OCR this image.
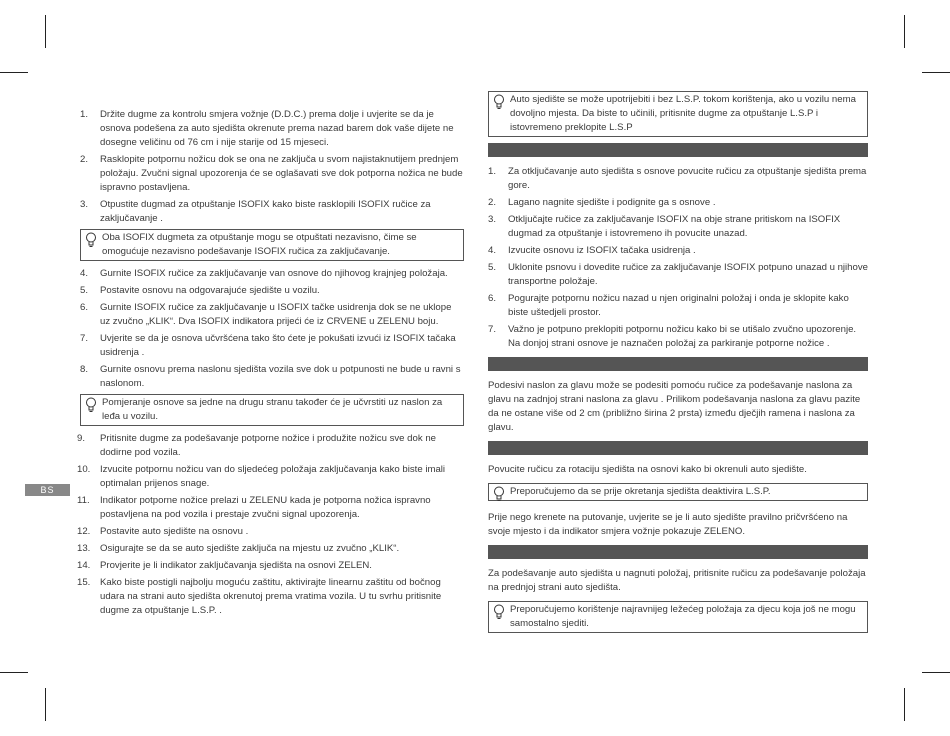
BS
1. Držite dugme za kontrolu smjera vožnje (D.D.C.) prema dolje i uvjerite se da je osnova podešena za auto sjedišta okrenute prema nazad barem dok vaše dijete ne dosegne veličinu od 76 cm i nije starije od 15 mjeseci.
2. Rasklopite potpornu nožicu dok se ona ne zaključa u svom najistaknutijem prednjem položaju. Zvučni signal upozorenja će se oglašavati sve dok potporna nožica ne bude ispravno postavljena.
3. Otpustite dugmad za otpuštanje ISOFIX kako biste rasklopili ISOFIX ručice za zaključavanje .
Oba ISOFIX dugmeta za otpuštanje mogu se otpuštati nezavisno, čime se omogućuje nezavisno podešavanje ISOFIX ručica za zaključavanje.
4. Gurnite ISOFIX ručice za zaključavanje van osnove do njihovog krajnjeg položaja.
5. Postavite osnovu na odgovarajuće sjedište u vozilu.
6. Gurnite ISOFIX ručice za zaključavanje u ISOFIX tačke usidrenja dok se ne uklope uz zvučno „KLIK“. Dva ISOFIX indikatora prijeći će iz CRVENE u ZELENU boju.
7. Uvjerite se da je osnova učvršćena tako što ćete je pokušati izvući iz ISOFIX tačaka usidrenja .
8. Gurnite osnovu prema naslonu sjedišta vozila sve dok u potpunosti ne bude u ravni s naslonom.
Pomjeranje osnove sa jedne na drugu stranu također će je učvrstiti uz naslon za leđa u vozilu.
9. Pritisnite dugme za podešavanje potporne nožice i produžite nožicu sve dok ne dodirne pod vozila.
10. Izvucite potpornu nožicu van do sljedećeg položaja zaključavanja kako biste imali optimalan prijenos snage.
11. Indikator potporne nožice prelazi u ZELENU kada je potporna nožica ispravno postavljena na pod vozila i prestaje zvučni signal upozorenja.
12. Postavite auto sjedište na osnovu .
13. Osigurajte se da se auto sjedište zaključa na mjestu uz zvučno „KLIK“.
14. Provjerite je li indikator zaključavanja sjedišta na osnovi ZELEN.
15. Kako biste postigli najbolju moguću zaštitu, aktivirajte linearnu zaštitu od bočnog udara na strani auto sjedišta okrenutoj prema vratima vozila. U tu svrhu pritisnite dugme za otpuštanje L.S.P. .
Auto sjedište se može upotrijebiti i bez L.S.P. tokom korištenja, ako u vozilu nema dovoljno mjesta. Da biste to učinili, pritisnite dugme za otpuštanje L.S.P i istovremeno preklopite L.S.P
1. Za otključavanje auto sjedišta s osnove povucite ručicu za otpuštanje sjedišta prema gore.
2. Lagano nagnite sjedište i podignite ga s osnove .
3. Otključajte ručice za zaključavanje ISOFIX na obje strane pritiskom na ISOFIX dugmad za otpuštanje i istovremeno ih povucite unazad.
4. Izvucite osnovu iz ISOFIX tačaka usidrenja .
5. Uklonite psnovu i dovedite ručice za zaključavanje ISOFIX potpuno unazad u njihove transportne položaje.
6. Pogurajte potpornu nožicu nazad u njen originalni položaj i onda je sklopite kako biste uštedjeli prostor.
7. Važno je potpuno preklopiti potpornu nožicu kako bi se utišalo zvučno upozorenje. Na donjoj strani osnove je naznačen položaj za parkiranje potporne nožice .

Podesivi naslon za glavu može se podesiti pomoću ručice za podešavanje naslona za glavu na zadnjoj strani naslona za glavu . Prilikom podešavanja naslona za glavu pazite da ne ostane više od 2 cm (približno širina 2 prsta) između dječjih ramena i naslona za glavu.

Povucite ručicu za rotaciju sjedišta na osnovi kako bi okrenuli auto sjedište.

Preporučujemo da se prije okretanja sjedišta deaktivira L.S.P.

Prije nego krenete na putovanje, uvjerite se je li auto sjedište pravilno pričvršćeno na svoje mjesto i da indikator smjera vožnje pokazuje ZELENO.

Za podešavanje auto sjedišta u nagnuti položaj, pritisnite ručicu za podešavanje položaja na prednjoj strani auto sjedišta.

Preporučujemo korištenje najravnijeg ležećeg položaja za djecu koja još ne mogu samostalno sjediti.
